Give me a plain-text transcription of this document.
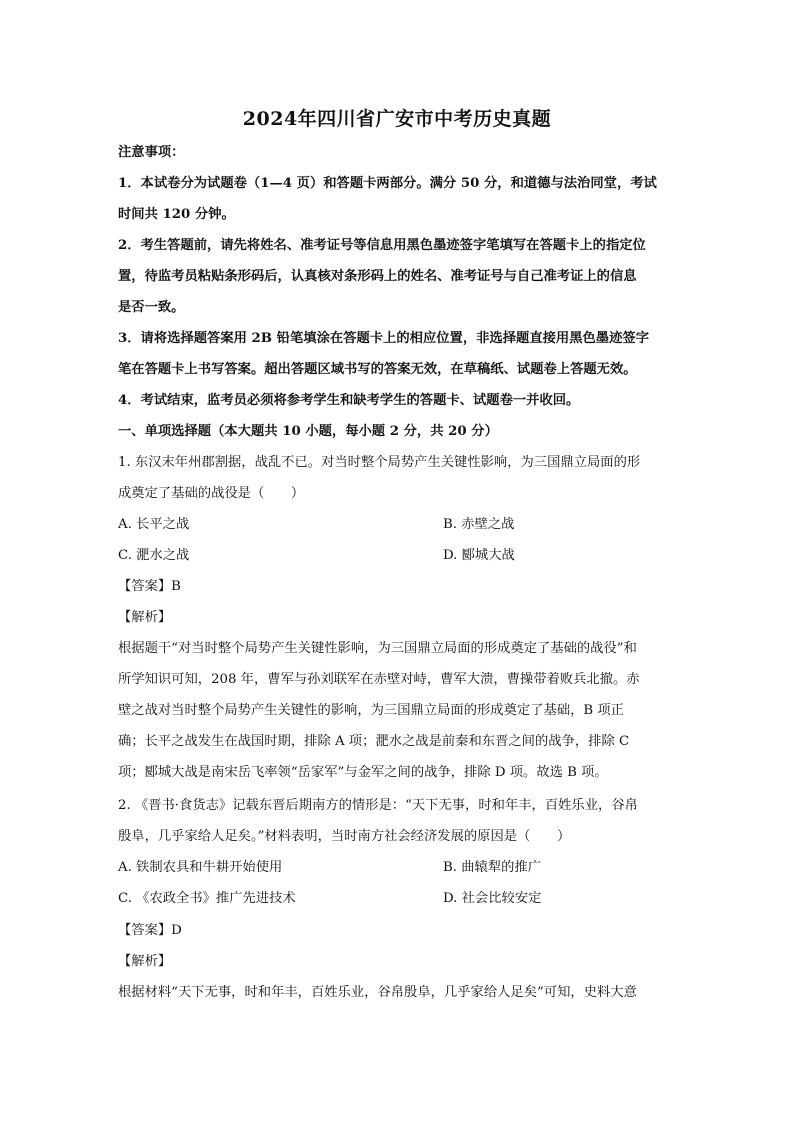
2024年四川省广安市中考历史真题
注意事项：
1．本试卷分为试题卷（1—4 页）和答题卡两部分。满分 50 分，和道德与法治同堂，考试
时间共 120 分钟。
2．考生答题前，请先将姓名、准考证号等信息用黑色墨迹签字笔填写在答题卡上的指定位
置，待监考员粘贴条形码后，认真核对条形码上的姓名、准考证号与自己准考证上的信息
是否一致。
3．请将选择题答案用 2B 铅笔填涂在答题卡上的相应位置，非选择题直接用黑色墨迹签字
笔在答题卡上书写答案。超出答题区域书写的答案无效，在草稿纸、试题卷上答题无效。
4．考试结束，监考员必须将参考学生和缺考学生的答题卡、试题卷一并收回。
一、单项选择题（本大题共 10 小题，每小题 2 分，共 20 分）
1. 东汉末年州郡割据，战乱不已。对当时整个局势产生关键性影响，为三国鼎立局面的形
成奠定了基础的战役是（　　）
A. 长平之战	B. 赤壁之战
C. 淝水之战	D. 郾城大战
【答案】B
【解析】
根据题干“对当时整个局势产生关键性影响，为三国鼎立局面的形成奠定了基础的战役”和
所学知识可知，208 年，曹军与孙刘联军在赤壁对峙，曹军大溃，曹操带着败兵北撤。赤
壁之战对当时整个局势产生关键性的影响，为三国鼎立局面的形成奠定了基础，B 项正
确；长平之战发生在战国时期，排除 A 项；淝水之战是前秦和东晋之间的战争，排除 C
项；郾城大战是南宋岳飞率领“岳家军”与金军之间的战争，排除 D 项。故选 B 项。
2. 《晋书·食货志》记载东晋后期南方的情形是：“天下无事，时和年丰，百姓乐业，谷帛
殷阜，几乎家给人足矣。”材料表明，当时南方社会经济发展的原因是（　　）
A. 铁制农具和牛耕开始使用	B. 曲辕犁的推广
C. 《农政全书》推广先进技术	D. 社会比较安定
【答案】D
【解析】
根据材料“天下无事，时和年丰，百姓乐业，谷帛殷阜，几乎家给人足矣”可知，史料大意
